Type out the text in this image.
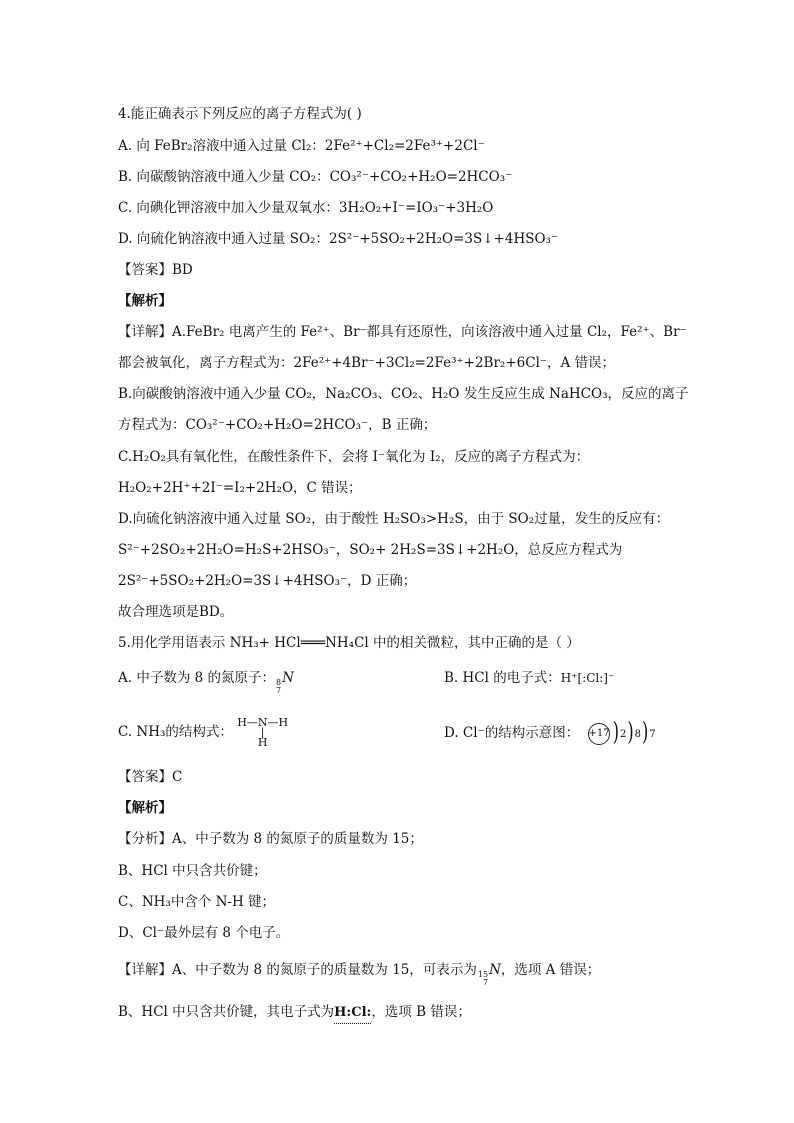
4.能正确表示下列反应的离子方程式为( )
A. 向 FeBr₂溶液中通入过量 Cl₂：2Fe²⁺+Cl₂=2Fe³⁺+2Cl⁻
B. 向碳酸钠溶液中通入少量 CO₂：CO₃²⁻+CO₂+H₂O=2HCO₃⁻
C. 向碘化钾溶液中加入少量双氧水：3H₂O₂+I⁻=IO₃⁻+3H₂O
D. 向硫化钠溶液中通入过量 SO₂：2S²⁻+5SO₂+2H₂O=3S↓+4HSO₃⁻
【答案】BD
【解析】
【详解】A.FeBr₂ 电离产生的 Fe²⁺、Br⁻都具有还原性，向该溶液中通入过量 Cl₂，Fe²⁺、Br⁻
都会被氧化，离子方程式为：2Fe²⁺+4Br⁻+3Cl₂=2Fe³⁺+2Br₂+6Cl⁻，A 错误；
B.向碳酸钠溶液中通入少量 CO₂，Na₂CO₃、CO₂、H₂O 发生反应生成 NaHCO₃，反应的离子
方程式为：CO₃²⁻+CO₂+H₂O=2HCO₃⁻，B 正确；
C.H₂O₂具有氧化性，在酸性条件下，会将 I⁻氧化为 I₂，反应的离子方程式为：
H₂O₂+2H⁺+2I⁻=I₂+2H₂O，C 错误；
D.向硫化钠溶液中通入过量 SO₂，由于酸性 H₂SO₃>H₂S，由于 SO₂过量，发生的反应有：
S²⁻+2SO₂+2H₂O=H₂S+2HSO₃⁻，SO₂+ 2H₂S=3S↓+2H₂O，总反应方程式为
2S²⁻+5SO₂+2H₂O=3S↓+4HSO₃⁻，D 正确；
故合理选项是BD。
5.用化学用语表示 NH₃+ HCl═══NH₄Cl 中的相关微粒，其中正确的是（ ）
A. 中子数为 8 的氮原子： 8
7
N	B. HCl 的电子式：H⁺[:Cl:]⁻
C. NH₃的结构式：
H—N—H
|
H
D. Cl⁻的结构示意图： +17 )2)8)7
【答案】C
【解析】
【分析】A、中子数为 8 的氮原子的质量数为 15；
B、HCl 中只含共价键；
C、NH₃中含个 N-H 键；
D、Cl⁻最外层有 8 个电子。
【详解】A、中子数为 8 的氮原子的质量数为 15，可表示为 15
7
N，选项 A 错误；
B、HCl 中只含共价键，其电子式为H:Cl:，选项 B 错误；
